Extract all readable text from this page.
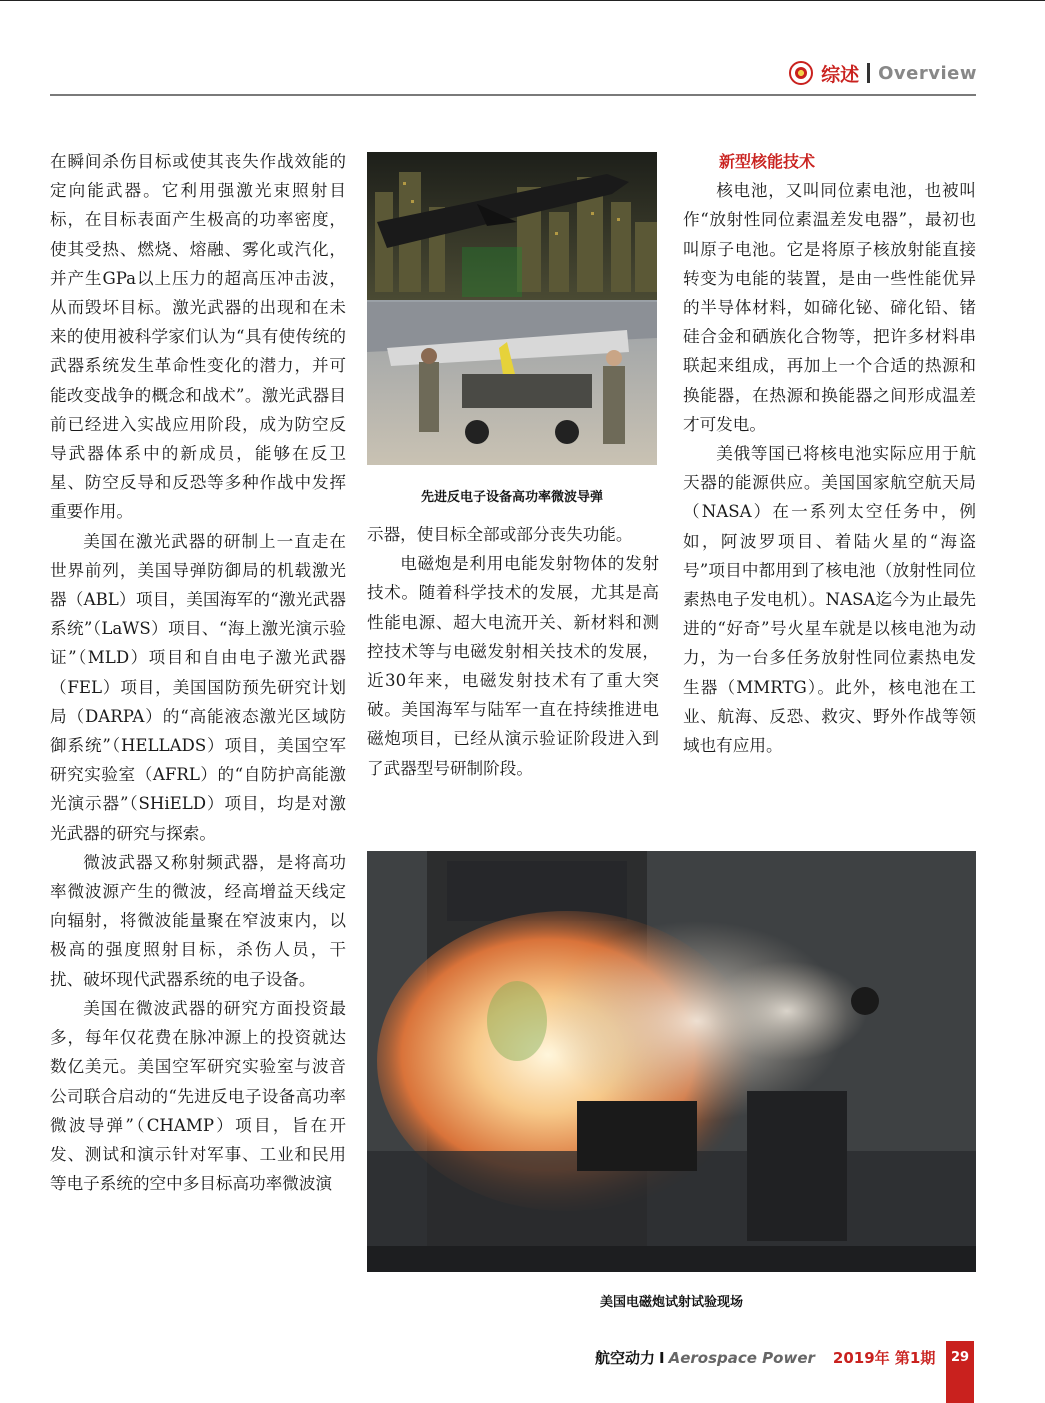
综述 Overview

在瞬间杀伤目标或使其丧失作战效能的定向能武器。它利用强激光束照射目标，在目标表面产生极高的功率密度，使其受热、燃烧、熔融、雾化或汽化，并产生GPa以上压力的超高压冲击波，从而毁坏目标。激光武器的出现和在未来的使用被科学家们认为“具有使传统的武器系统发生革命性变化的潜力，并可能改变战争的概念和战术”。激光武器目前已经进入实战应用阶段，成为防空反导武器体系中的新成员，能够在反卫星、防空反导和反恐等多种作战中发挥重要作用。

美国在激光武器的研制上一直走在世界前列，美国导弹防御局的机载激光器（ABL）项目，美国海军的“激光武器系统”（LaWS）项目、“海上激光演示验证”（MLD）项目和自由电子激光武器（FEL）项目，美国国防预先研究计划局（DARPA）的“高能液态激光区域防御系统”（HELLADS）项目，美国空军研究实验室（AFRL）的“自防护高能激光演示器”（SHiELD）项目，均是对激光武器的研究与探索。

微波武器又称射频武器，是将高功率微波源产生的微波，经高增益天线定向辐射，将微波能量聚在窄波束内，以极高的强度照射目标，杀伤人员，干扰、破坏现代武器系统的电子设备。

美国在微波武器的研究方面投资最多，每年仅花费在脉冲源上的投资就达数亿美元。美国空军研究实验室与波音公司联合启动的“先进反电子设备高功率微波导弹”（CHAMP）项目，旨在开发、测试和演示针对军事、工业和民用等电子系统的空中多目标高功率微波演

先进反电子设备高功率微波导弹

示器，使目标全部或部分丧失功能。

电磁炮是利用电能发射物体的发射技术。随着科学技术的发展，尤其是高性能电源、超大电流开关、新材料和测控技术等与电磁发射相关技术的发展，近30年来，电磁发射技术有了重大突破。美国海军与陆军一直在持续推进电磁炮项目，已经从演示验证阶段进入到了武器型号研制阶段。

新型核能技术

核电池，又叫同位素电池，也被叫作“放射性同位素温差发电器”，最初也叫原子电池。它是将原子核放射能直接转变为电能的装置，是由一些性能优异的半导体材料，如碲化铋、碲化铅、锗硅合金和硒族化合物等，把许多材料串联起来组成，再加上一个合适的热源和换能器，在热源和换能器之间形成温差才可发电。

美俄等国已将核电池实际应用于航天器的能源供应。美国国家航空航天局（NASA）在一系列太空任务中，例如，阿波罗项目、着陆火星的“海盗号”项目中都用到了核电池（放射性同位素热电子发电机）。NASA迄今为止最先进的“好奇”号火星车就是以核电池为动力，为一台多任务放射性同位素热电发生器（MMRTG）。此外，核电池在工业、航海、反恐、救灾、野外作战等领域也有应用。

美国电磁炮试射试验现场
航空动力 I Aerospace Power 2019年 第1期	29
